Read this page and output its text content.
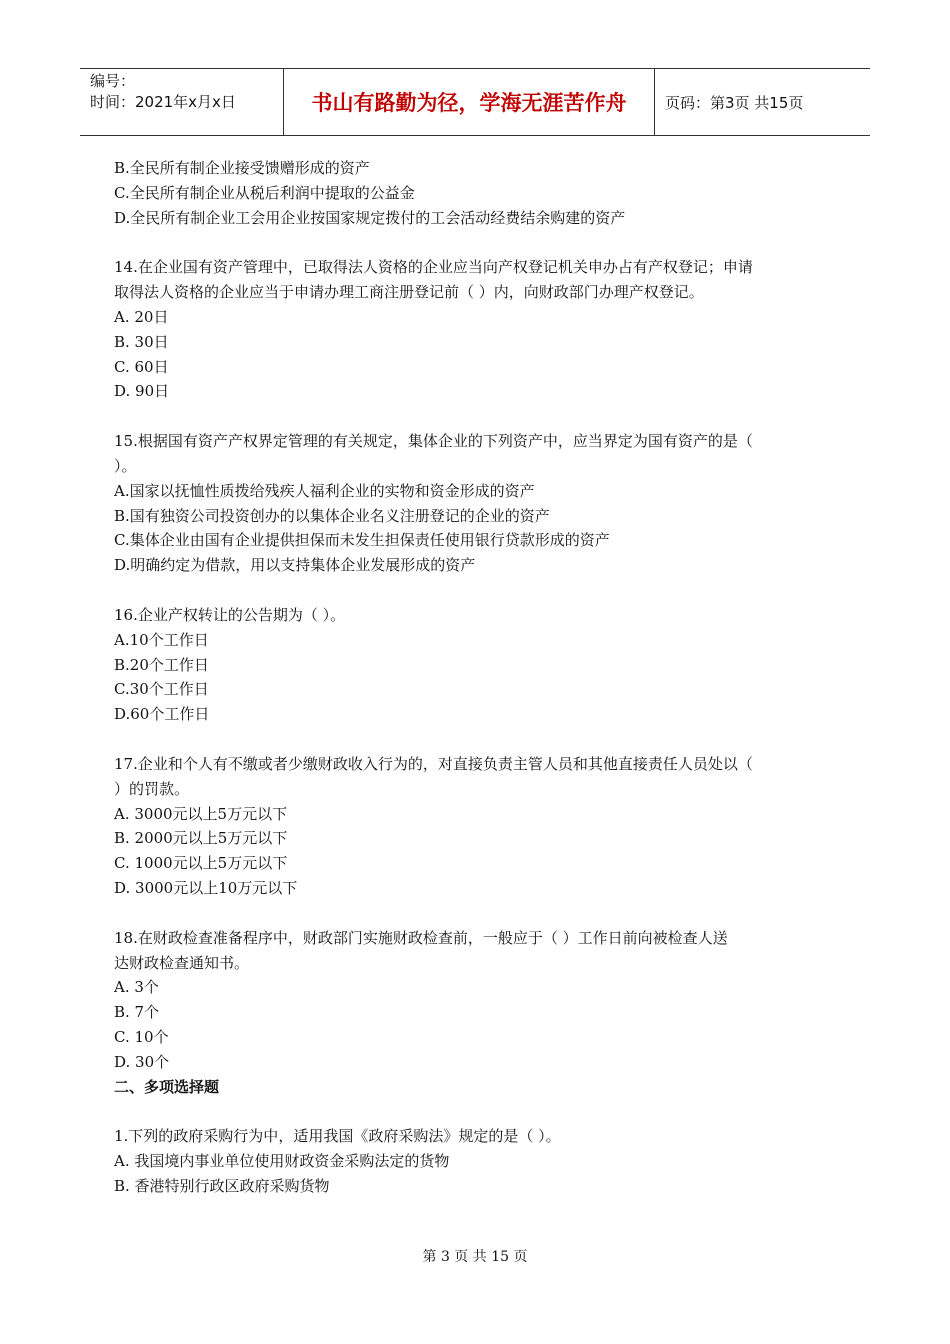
编号：
时间：2021年x月x日	书山有路勤为径，学海无涯苦作舟	页码：第3页 共15页
B.全民所有制企业接受馈赠形成的资产
C.全民所有制企业从税后利润中提取的公益金
D.全民所有制企业工会用企业按国家规定拨付的工会活动经费结余购建的资产
14.在企业国有资产管理中，已取得法人资格的企业应当向产权登记机关申办占有产权登记；申请
取得法人资格的企业应当于申请办理工商注册登记前（ ）内，向财政部门办理产权登记。
A. 20日
B. 30日
C. 60日
D. 90日
15.根据国有资产产权界定管理的有关规定，集体企业的下列资产中，应当界定为国有资产的是（
）。
A.国家以抚恤性质拨给残疾人福利企业的实物和资金形成的资产
B.国有独资公司投资创办的以集体企业名义注册登记的企业的资产
C.集体企业由国有企业提供担保而未发生担保责任使用银行贷款形成的资产
D.明确约定为借款，用以支持集体企业发展形成的资产
16.企业产权转让的公告期为（ ）。
A.10个工作日
B.20个工作日
C.30个工作日
D.60个工作日
17.企业和个人有不缴或者少缴财政收入行为的，对直接负责主管人员和其他直接责任人员处以（
）的罚款。
A. 3000元以上5万元以下
B. 2000元以上5万元以下
C. 1000元以上5万元以下
D. 3000元以上10万元以下
18.在财政检查准备程序中，财政部门实施财政检查前，一般应于（ ）工作日前向被检查人送
达财政检查通知书。
A. 3个
B. 7个
C. 10个
D. 30个
二、多项选择题
1.下列的政府采购行为中，适用我国《政府采购法》规定的是（ ）。
A. 我国境内事业单位使用财政资金采购法定的货物
B. 香港特别行政区政府采购货物
第 3 页 共 15 页
